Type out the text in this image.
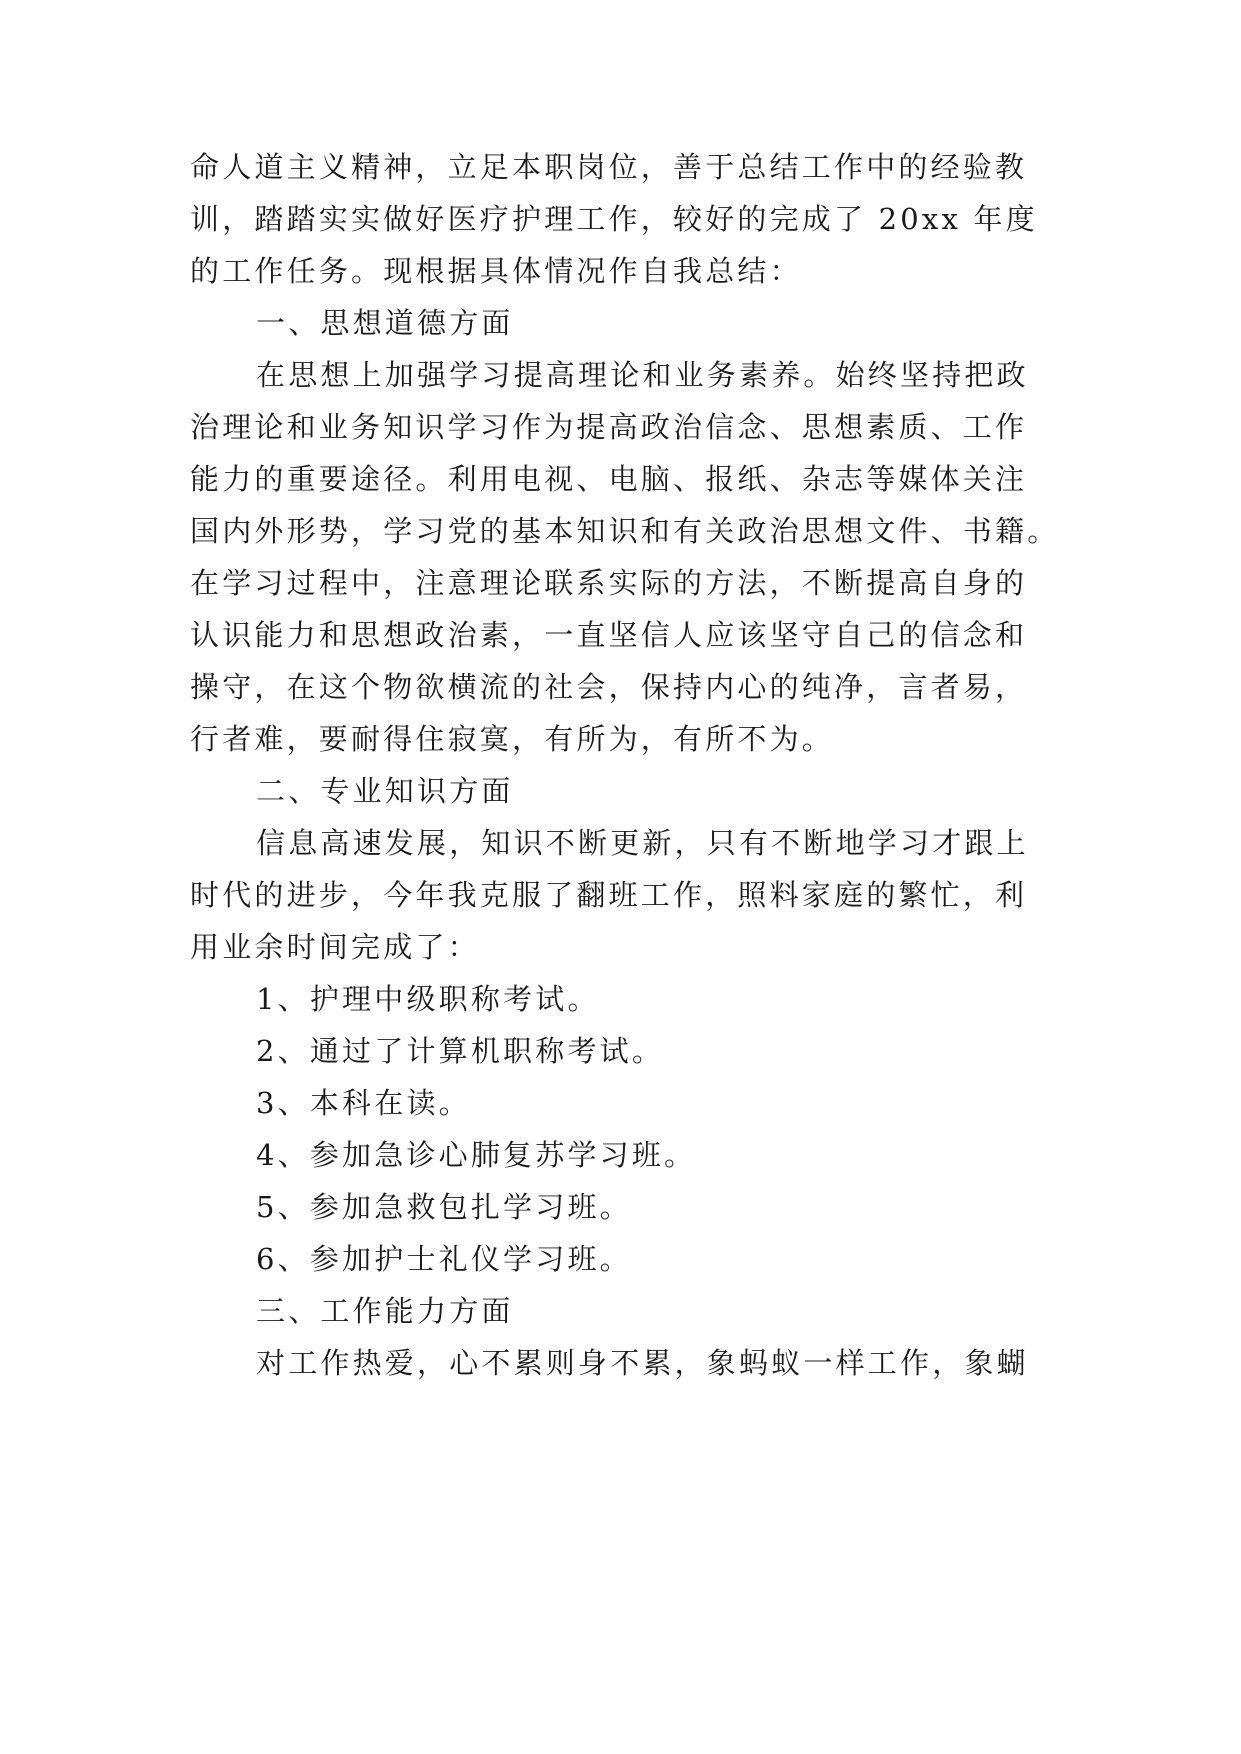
命人道主义精神，立足本职岗位，善于总结工作中的经验教
训，踏踏实实做好医疗护理工作，较好的完成了 20xx 年度
的工作任务。现根据具体情况作自我总结：
一、思想道德方面
在思想上加强学习提高理论和业务素养。始终坚持把政
治理论和业务知识学习作为提高政治信念、思想素质、工作
能力的重要途径。利用电视、电脑、报纸、杂志等媒体关注
国内外形势，学习党的基本知识和有关政治思想文件、书籍。
在学习过程中，注意理论联系实际的方法，不断提高自身的
认识能力和思想政治素，一直坚信人应该坚守自己的信念和
操守，在这个物欲横流的社会，保持内心的纯净，言者易，
行者难，要耐得住寂寞，有所为，有所不为。
二、专业知识方面
信息高速发展，知识不断更新，只有不断地学习才跟上
时代的进步，今年我克服了翻班工作，照料家庭的繁忙，利
用业余时间完成了：
1、护理中级职称考试。
2、通过了计算机职称考试。
3、本科在读。
4、参加急诊心肺复苏学习班。
5、参加急救包扎学习班。
6、参加护士礼仪学习班。
三、工作能力方面
对工作热爱，心不累则身不累，象蚂蚁一样工作，象蝴
